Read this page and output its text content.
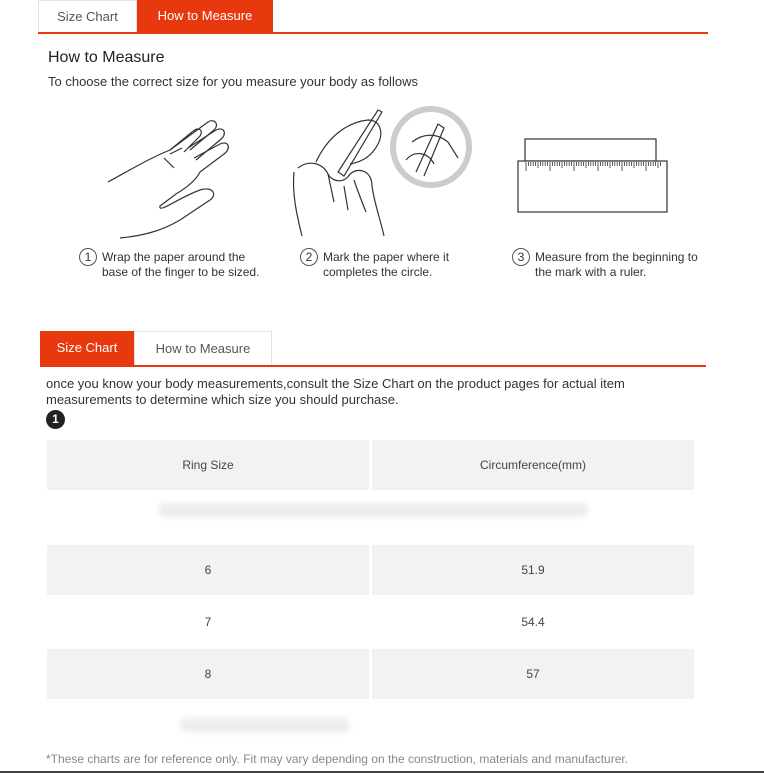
Size Chart	How to Measure
How to Measure
To choose the correct size for you measure your body as follows
1 Wrap the paper around the
base of the finger to be sized.
2 Mark the paper where it
completes the circle.
3 Measure from the beginning to
the mark with a ruler.
Size Chart	How to Measure
once you know your body measurements,consult the Size Chart on the product pages for actual item
measurements to determine which size you should purchase.
1
Ring Size	Circumference(mm)
6	51.9
7	54.4
8	57
*These charts are for reference only. Fit may vary depending on the construction, materials and manufacturer.
